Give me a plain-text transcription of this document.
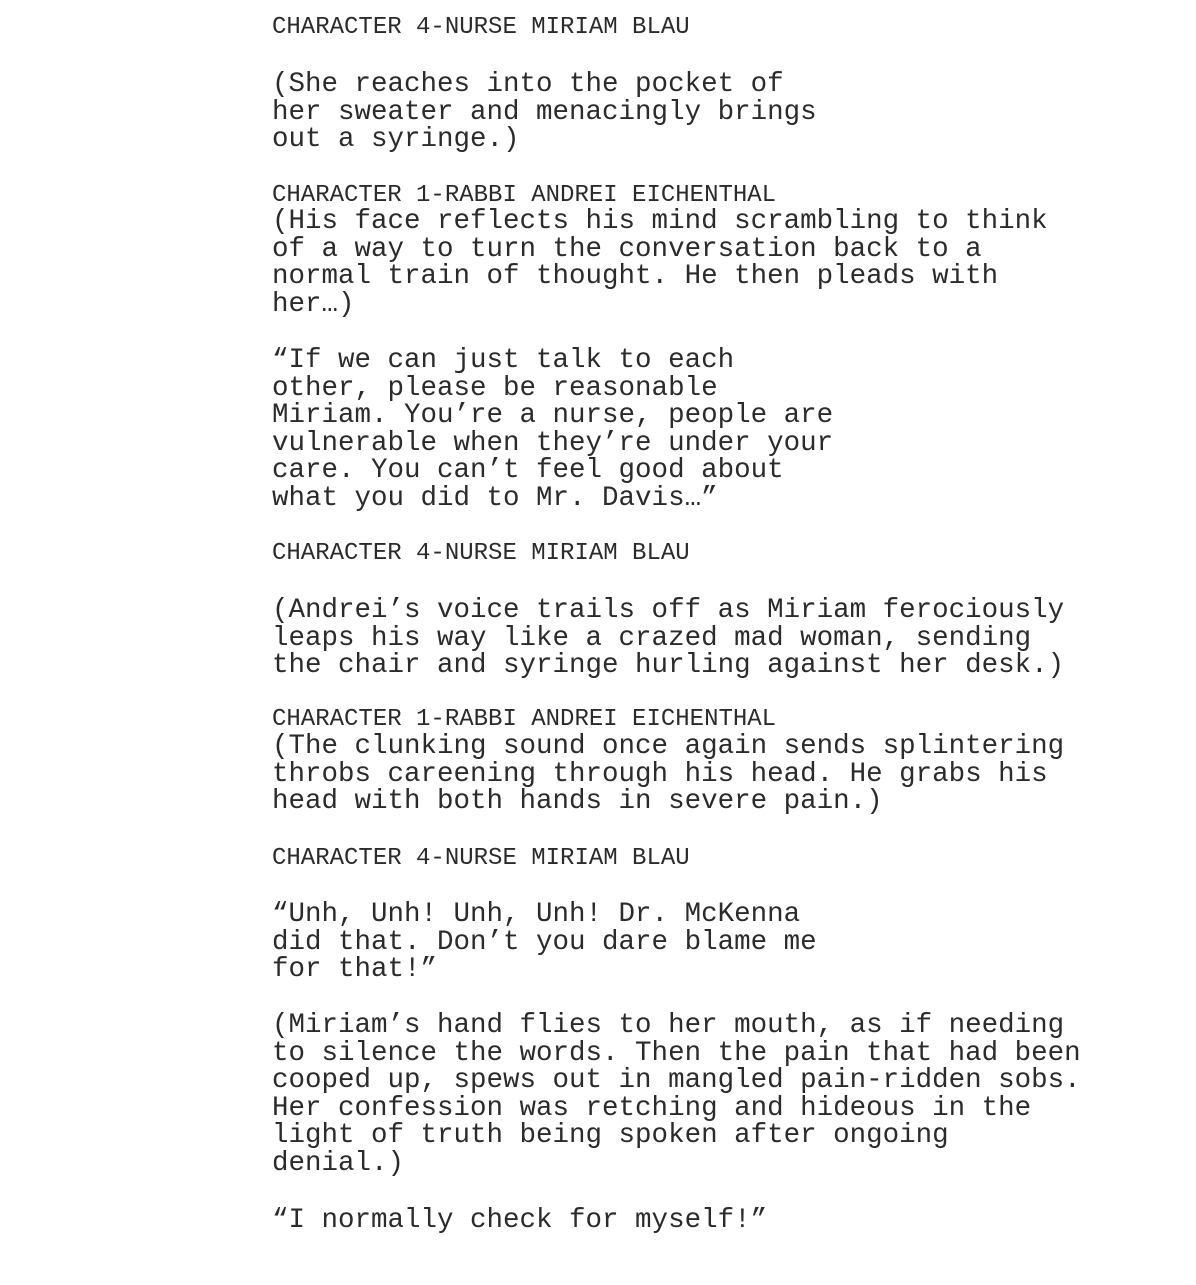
CHARACTER 4-NURSE MIRIAM BLAU

(She reaches into the pocket of
her sweater and menacingly brings
out a syringe.)

CHARACTER 1-RABBI ANDREI EICHENTHAL

(His face reflects his mind scrambling to think
of a way to turn the conversation back to a
normal train of thought. He then pleads with
her…)

“If we can just talk to each
other, please be reasonable
Miriam. You’re a nurse, people are
vulnerable when they’re under your
care. You can’t feel good about
what you did to Mr. Davis…”

CHARACTER 4-NURSE MIRIAM BLAU

(Andrei’s voice trails off as Miriam ferociously
leaps his way like a crazed mad woman, sending
the chair and syringe hurling against her desk.)

CHARACTER 1-RABBI ANDREI EICHENTHAL

(The clunking sound once again sends splintering
throbs careening through his head. He grabs his
head with both hands in severe pain.)

CHARACTER 4-NURSE MIRIAM BLAU

“Unh, Unh! Unh, Unh! Dr. McKenna
did that. Don’t you dare blame me
for that!”

(Miriam’s hand flies to her mouth, as if needing
to silence the words. Then the pain that had been
cooped up, spews out in mangled pain-ridden sobs.
Her confession was retching and hideous in the
light of truth being spoken after ongoing
denial.)

“I normally check for myself!”
